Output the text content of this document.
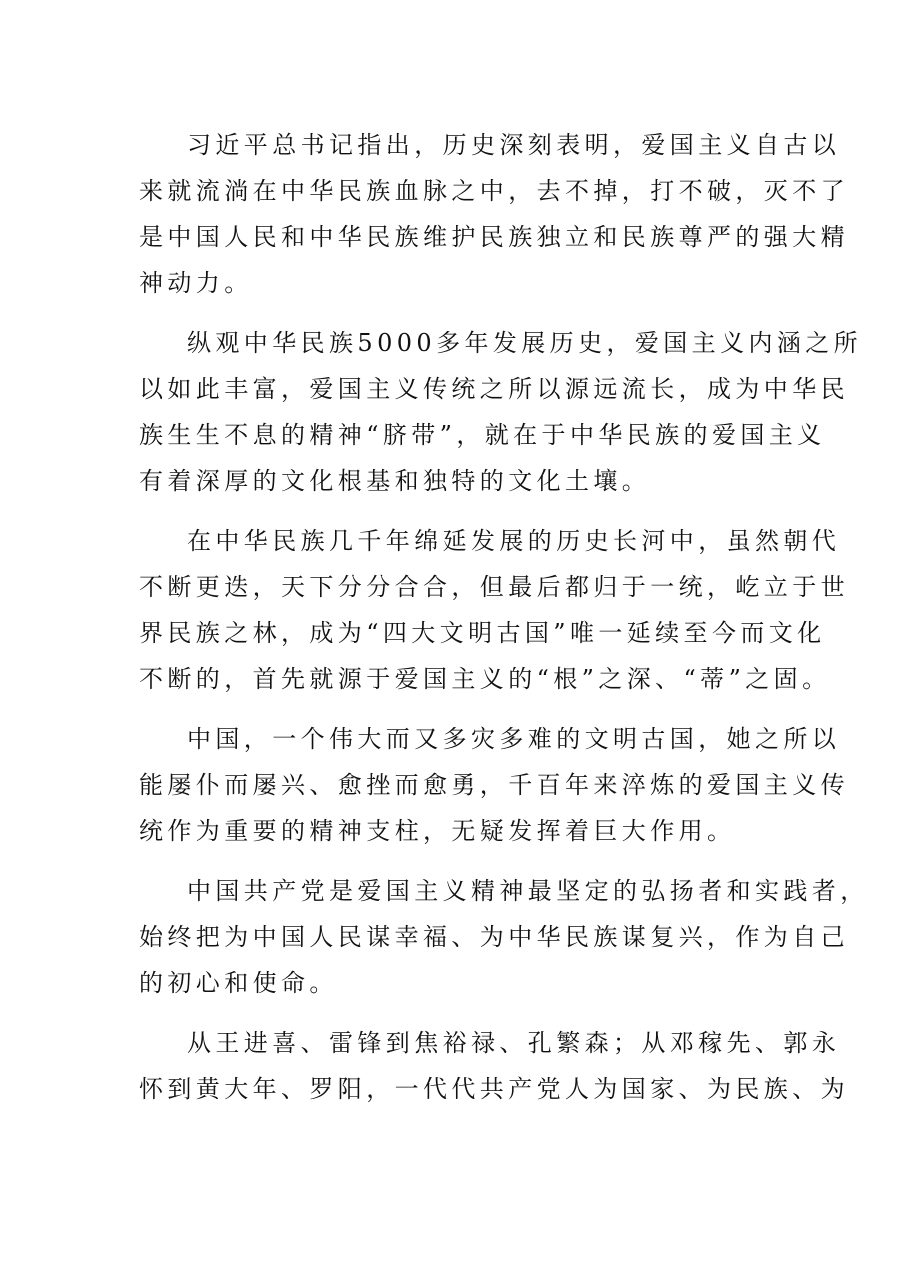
习近平总书记指出，历史深刻表明，爱国主义自古以
来就流淌在中华民族血脉之中，去不掉，打不破，灭不了
是中国人民和中华民族维护民族独立和民族尊严的强大精
神动力。
纵观中华民族5000多年发展历史，爱国主义内涵之所
以如此丰富，爱国主义传统之所以源远流长，成为中华民
族生生不息的精神“脐带”，就在于中华民族的爱国主义
有着深厚的文化根基和独特的文化土壤。
在中华民族几千年绵延发展的历史长河中，虽然朝代
不断更迭，天下分分合合，但最后都归于一统，屹立于世
界民族之林，成为“四大文明古国”唯一延续至今而文化
不断的，首先就源于爱国主义的“根”之深、“蒂”之固。
中国，一个伟大而又多灾多难的文明古国，她之所以
能屡仆而屡兴、愈挫而愈勇，千百年来淬炼的爱国主义传
统作为重要的精神支柱，无疑发挥着巨大作用。
中国共产党是爱国主义精神最坚定的弘扬者和实践者，
始终把为中国人民谋幸福、为中华民族谋复兴，作为自己
的初心和使命。
从王进喜、雷锋到焦裕禄、孔繁森；从邓稼先、郭永
怀到黄大年、罗阳，一代代共产党人为国家、为民族、为
